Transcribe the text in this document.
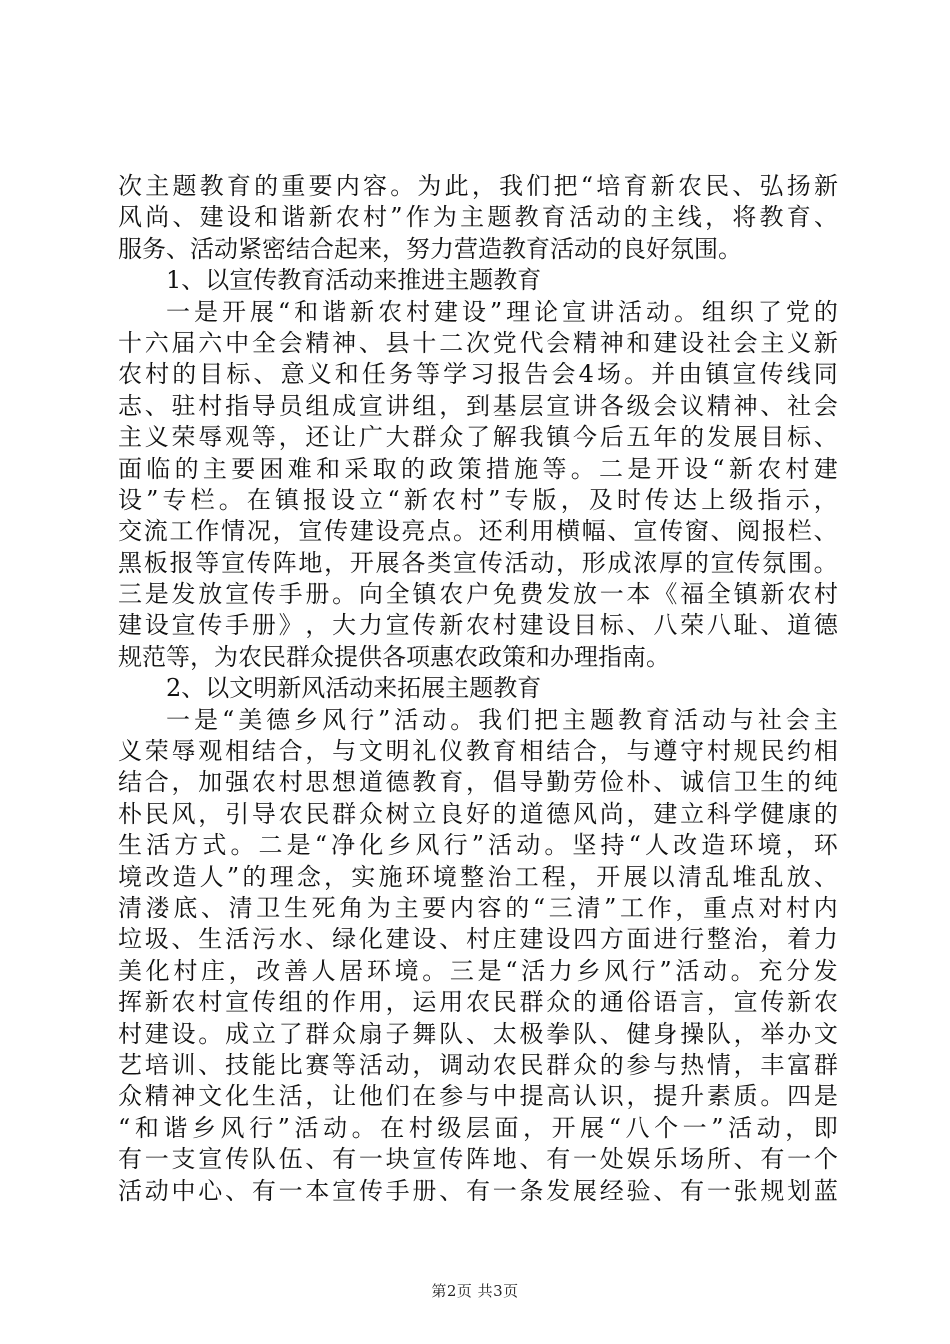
次 主 题 教 育 的 重 要 内 容 。 为 此 ， 我 们 把 “ 培 育 新 农 民 、 弘 扬 新
风 尚 、 建 设 和 谐 新 农 村 ” 作 为 主 题 教 育 活 动 的 主 线 ， 将 教 育 、
服务、活动紧密结合起来，努力营造教育活动的良好氛围。
1、以宣传教育活动来推进主题教育
一 是 开 展 “ 和 谐 新 农 村 建 设 ” 理 论 宣 讲 活 动 。 组 织 了 党 的
十 六 届 六 中 全 会 精 神 、 县 十 二 次 党 代 会 精 神 和 建 设 社 会 主 义 新
农 村 的 目 标 、 意 义 和 任 务 等 学 习 报 告 会 4 场 。 并 由 镇 宣 传 线 同
志 、 驻 村 指 导 员 组 成 宣 讲 组 ， 到 基 层 宣 讲 各 级 会 议 精 神 、 社 会
主 义 荣 辱 观 等 ， 还 让 广 大 群 众 了 解 我 镇 今 后 五 年 的 发 展 目 标 、
面 临 的 主 要 困 难 和 采 取 的 政 策 措 施 等 。 二 是 开 设 “ 新 农 村 建
设 ” 专 栏 。 在 镇 报 设 立 “ 新 农 村 ” 专 版 ， 及 时 传 达 上 级 指 示 ，
交 流 工 作 情 况 ， 宣 传 建 设 亮 点 。 还 利 用 横 幅 、 宣 传 窗 、 阅 报 栏 、
黑 板 报 等 宣 传 阵 地 ， 开 展 各 类 宣 传 活 动 ， 形 成 浓 厚 的 宣 传 氛 围 。
三 是 发 放 宣 传 手 册 。 向 全 镇 农 户 免 费 发 放 一 本 《 福 全 镇 新 农 村
建 设 宣 传 手 册 》 ， 大 力 宣 传 新 农 村 建 设 目 标 、 八 荣 八 耻 、 道 德
规范等，为农民群众提供各项惠农政策和办理指南。
2、以文明新风活动来拓展主题教育
一 是 “ 美 德 乡 风 行 ” 活 动 。 我 们 把 主 题 教 育 活 动 与 社 会 主
义 荣 辱 观 相 结 合 ， 与 文 明 礼 仪 教 育 相 结 合 ， 与 遵 守 村 规 民 约 相
结 合 ， 加 强 农 村 思 想 道 德 教 育 ， 倡 导 勤 劳 俭 朴 、 诚 信 卫 生 的 纯
朴 民 风 ， 引 导 农 民 群 众 树 立 良 好 的 道 德 风 尚 ， 建 立 科 学 健 康 的
生 活 方 式 。 二 是 “ 净 化 乡 风 行 ” 活 动 。 坚 持 “ 人 改 造 环 境 ， 环
境 改 造 人 ” 的 理 念 ， 实 施 环 境 整 治 工 程 ， 开 展 以 清 乱 堆 乱 放 、
清 溇 底 、 清 卫 生 死 角 为 主 要 内 容 的 “ 三 清 ” 工 作 ， 重 点 对 村 内
垃 圾 、 生 活 污 水 、 绿 化 建 设 、 村 庄 建 设 四 方 面 进 行 整 治 ， 着 力
美 化 村 庄 ， 改 善 人 居 环 境 。 三 是 “ 活 力 乡 风 行 ” 活 动 。 充 分 发
挥 新 农 村 宣 传 组 的 作 用 ， 运 用 农 民 群 众 的 通 俗 语 言 ， 宣 传 新 农
村 建 设 。 成 立 了 群 众 扇 子 舞 队 、 太 极 拳 队 、 健 身 操 队 ， 举 办 文
艺 培 训 、 技 能 比 赛 等 活 动 ， 调 动 农 民 群 众 的 参 与 热 情 ， 丰 富 群
众 精 神 文 化 生 活 ， 让 他 们 在 参 与 中 提 高 认 识 ， 提 升 素 质 。 四 是
“ 和 谐 乡 风 行 ” 活 动 。 在 村 级 层 面 ， 开 展 “ 八 个 一 ” 活 动 ， 即
有 一 支 宣 传 队 伍 、 有 一 块 宣 传 阵 地 、 有 一 处 娱 乐 场 所 、 有 一 个
活 动 中 心 、 有 一 本 宣 传 手 册 、 有 一 条 发 展 经 验 、 有 一 张 规 划 蓝
第2页 共3页
